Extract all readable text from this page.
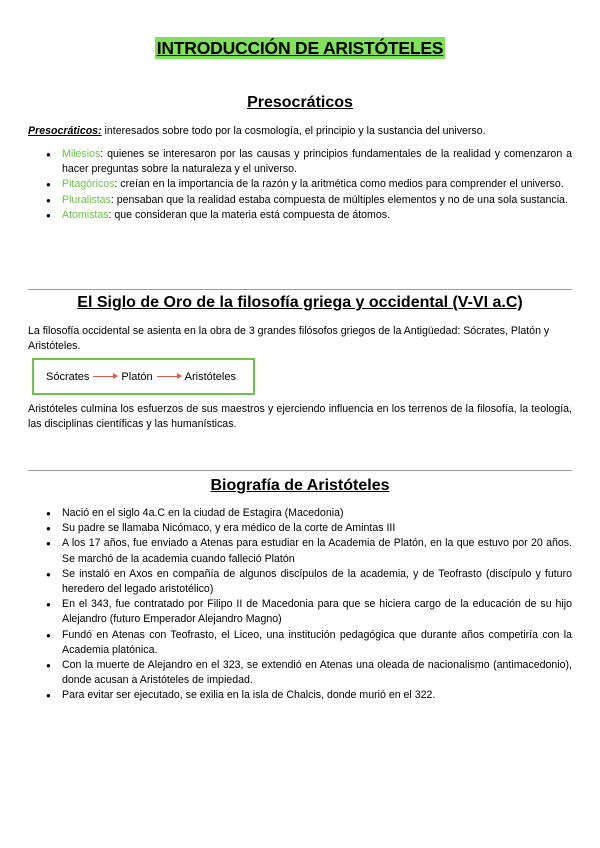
INTRODUCCIÓN DE ARISTÓTELES
Presocráticos
Presocráticos: interesados sobre todo por la cosmología, el principio y la sustancia del universo.
● Milesios: quienes se interesaron por las causas y principios fundamentales de la realidad y comenzaron a hacer preguntas sobre la naturaleza y el universo.
● Pitagóricos: creían en la importancia de la razón y la aritmética como medios para comprender el universo.
● Pluralistas: pensaban que la realidad estaba compuesta de múltiples elementos y no de una sola sustancia.
● Atomistas: que consideran que la materia está compuesta de átomos.
El Siglo de Oro de la filosofía griega y occidental (V-VI a.C)
La filosofía occidental se asienta en la obra de 3 grandes filósofos griegos de la Antigüedad: Sócrates, Platón y Aristóteles.
Sócrates	Platón	Aristóteles
Aristóteles culmina los esfuerzos de sus maestros y ejerciendo influencia en los terrenos de la filosofía, la teología, las disciplinas científicas y las humanísticas.
Biografía de Aristóteles
● Nació en el siglo 4a.C en la ciudad de Estagira (Macedonia)
● Su padre se llamaba Nicómaco, y era médico de la corte de Amintas III
● A los 17 años, fue enviado a Atenas para estudiar en la Academia de Platón, en la que estuvo por 20 años. Se marchó de la academia cuando falleció Platón
● Se instaló en Axos en compañía de algunos discípulos de la academia, y de Teofrasto (discípulo y futuro heredero del legado aristotélico)
● En el 343, fue contratado por Filipo II de Macedonia para que se hiciera cargo de la educación de su hijo Alejandro (futuro Emperador Alejandro Magno)
● Fundó en Atenas con Teofrasto, el Liceo, una institución pedagógica que durante años competiría con la Academia platónica.
● Con la muerte de Alejandro en el 323, se extendió en Atenas una oleada de nacionalismo (antimacedonio), donde acusan a Aristóteles de impiedad.
● Para evitar ser ejecutado, se exilia en la isla de Chalcis, donde murió en el 322.
